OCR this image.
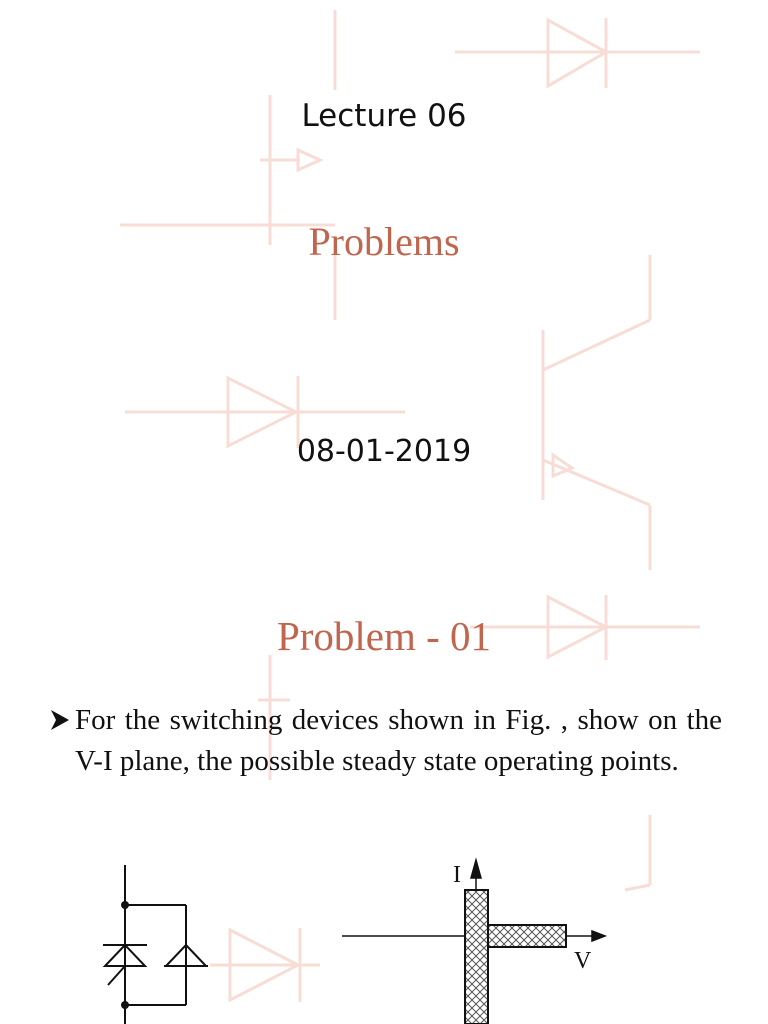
Lecture 06
Problems
08-01-2019
Problem - 01
For the switching devices shown in Fig. , show on the V-I plane, the possible steady state operating points.
I
V
